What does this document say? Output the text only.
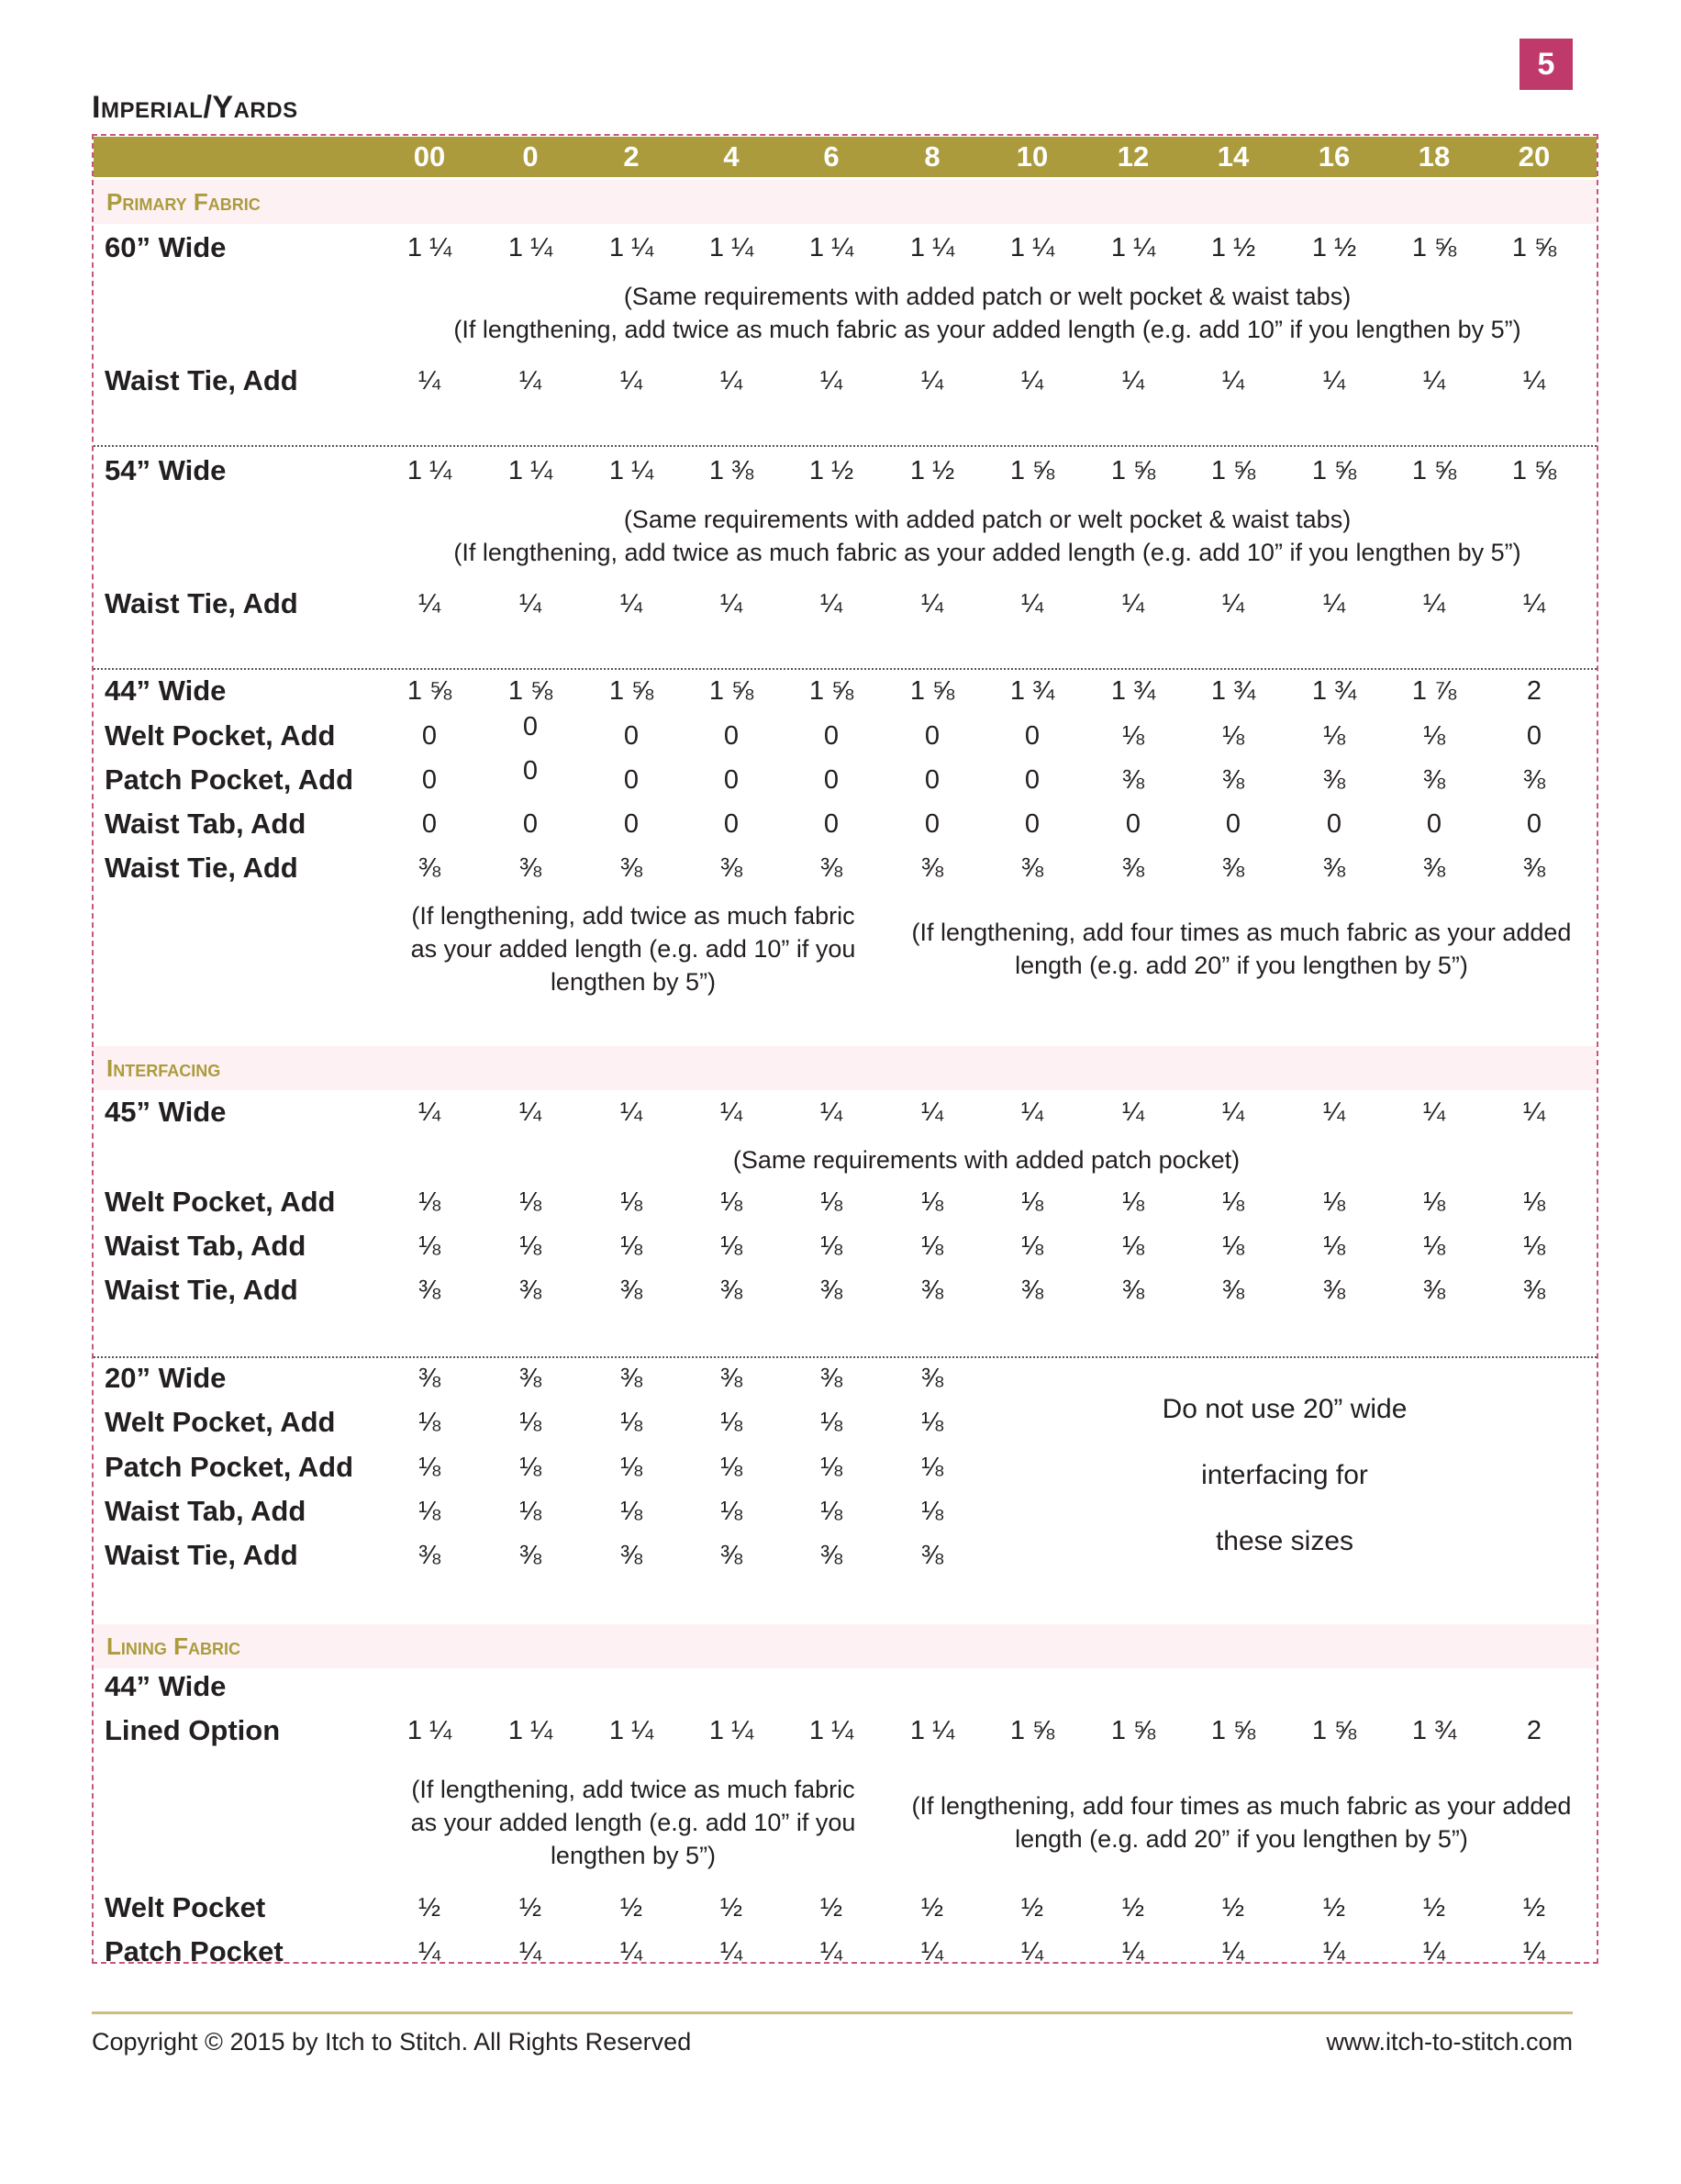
5
Imperial/Yards
00	0	2	4	6	8	10	12	14	16	18	20
Primary Fabric
Interfacing
Lining Fabric
60” Wide	1 ¼	1 ¼	1 ¼	1 ¼	1 ¼	1 ¼	1 ¼	1 ¼	1 ½	1 ½	1 ⅝	1 ⅝
Waist Tie, Add	¼	¼	¼	¼	¼	¼	¼	¼	¼	¼	¼	¼
54” Wide	1 ¼	1 ¼	1 ¼	1 ⅜	1 ½	1 ½	1 ⅝	1 ⅝	1 ⅝	1 ⅝	1 ⅝	1 ⅝
Waist Tie, Add	¼	¼	¼	¼	¼	¼	¼	¼	¼	¼	¼	¼
44” Wide	1 ⅝	1 ⅝	1 ⅝	1 ⅝	1 ⅝	1 ⅝	1 ¾	1 ¾	1 ¾	1 ¾	1 ⅞	2
Welt Pocket, Add	0	0	0	0	0	0	0	⅛	⅛	⅛	⅛	0
Patch Pocket, Add	0	0	0	0	0	0	0	⅜	⅜	⅜	⅜	⅜
Waist Tab, Add	0	0	0	0	0	0	0	0	0	0	0	0
Waist Tie, Add	⅜	⅜	⅜	⅜	⅜	⅜	⅜	⅜	⅜	⅜	⅜	⅜
45” Wide	¼	¼	¼	¼	¼	¼	¼	¼	¼	¼	¼	¼
Welt Pocket, Add	⅛	⅛	⅛	⅛	⅛	⅛	⅛	⅛	⅛	⅛	⅛	⅛
Waist Tab, Add	⅛	⅛	⅛	⅛	⅛	⅛	⅛	⅛	⅛	⅛	⅛	⅛
Waist Tie, Add	⅜	⅜	⅜	⅜	⅜	⅜	⅜	⅜	⅜	⅜	⅜	⅜
20” Wide	⅜	⅜	⅜	⅜	⅜	⅜
Welt Pocket, Add	⅛	⅛	⅛	⅛	⅛	⅛
Patch Pocket, Add	⅛	⅛	⅛	⅛	⅛	⅛
Waist Tab, Add	⅛	⅛	⅛	⅛	⅛	⅛
Waist Tie, Add	⅜	⅜	⅜	⅜	⅜	⅜
44” Wide
Lined Option	1 ¼	1 ¼	1 ¼	1 ¼	1 ¼	1 ¼	1 ⅝	1 ⅝	1 ⅝	1 ⅝	1 ¾	2
Welt Pocket	½	½	½	½	½	½	½	½	½	½	½	½
Patch Pocket	¼	¼	¼	¼	¼	¼	¼	¼	¼	¼	¼	¼
(Same requirements with added patch or welt pocket & waist tabs)
(If lengthening, add twice as much fabric as your added length (e.g. add 10” if you lengthen by 5”)
(Same requirements with added patch or welt pocket & waist tabs)
(If lengthening, add twice as much fabric as your added length (e.g. add 10” if you lengthen by 5”)
(If lengthening, add twice as much fabric
as your added length (e.g. add 10” if you
lengthen by 5”)
(If lengthening, add four times as much fabric as your added
length (e.g. add 20” if you lengthen by 5”)
(Same requirements with added patch pocket)
Do not use 20” wide
interfacing for
these sizes
(If lengthening, add twice as much fabric
as your added length (e.g. add 10” if you
lengthen by 5”)
(If lengthening, add four times as much fabric as your added
length (e.g. add 20” if you lengthen by 5”)
Copyright © 2015 by Itch to Stitch. All Rights Reserved	www.itch-to-stitch.com
